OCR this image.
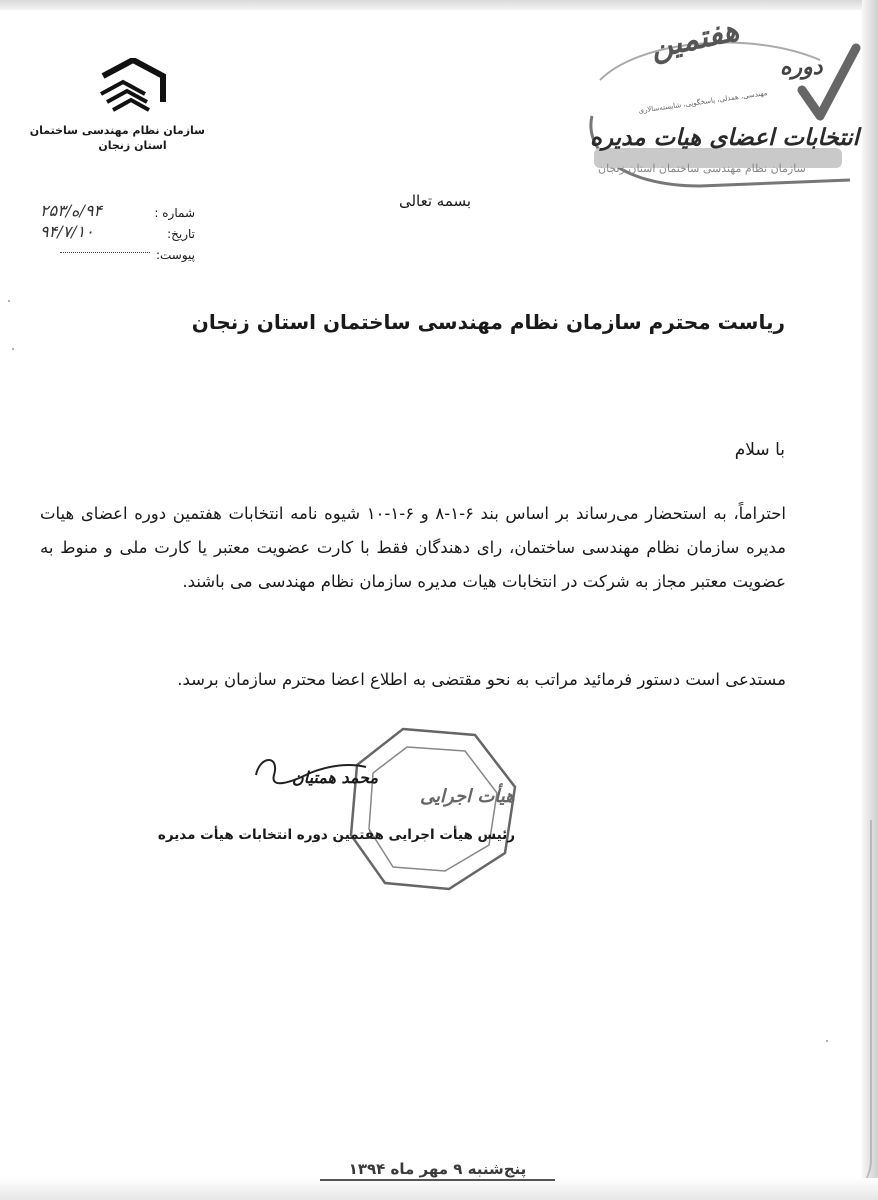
سازمان نظام مهندسی ساختمان
استان زنجان
هفتمین
دوره
مهندسی، همدلی، پاسخگویی، شایسته‌سالاری
انتخابات اعضای هیات مدیره
سازمان نظام مهندسی ساختمان استان زنجان
بسمه تعالی
شماره :
۹۴/ه/۲۵۳
تاریخ:
۹۴/۷/۱۰
پیوست:
ریاست محترم سازمان نظام مهندسی ساختمان استان زنجان
با سلام

احتراماً، به استحضار می‌رساند بر اساس بند ۶-۱-۸ و ۶-۱-۱۰ شیوه نامه انتخابات هفتمین دوره اعضای هیات مدیره سازمان نظام مهندسی ساختمان، رای دهندگان فقط با کارت عضویت معتبر یا کارت ملی و منوط به عضویت معتبر مجاز به شرکت در انتخابات هیات مدیره سازمان نظام مهندسی می باشند.

مستدعی است دستور فرمائید مراتب به نحو مقتضی به اطلاع اعضا محترم سازمان برسد.
هیأت اجرایی
محمد همتیان
رئیس هیأت اجرایی هفتمین دوره انتخابات هیأت مدیره
پنج‌شنبه ۹ مهر ماه ۱۳۹۴
